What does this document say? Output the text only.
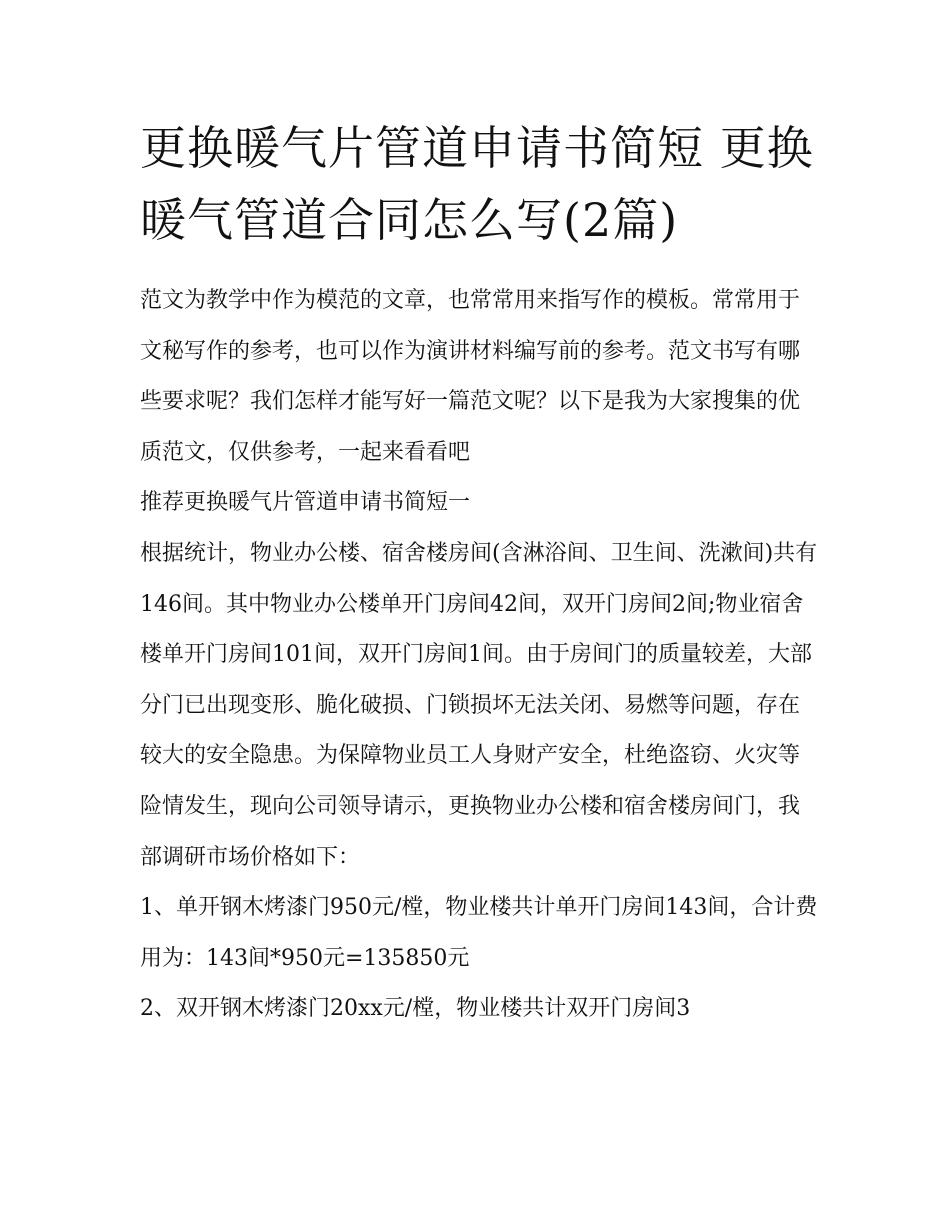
更换暖气片管道申请书简短 更换暖气管道合同怎么写(2篇)

范文为教学中作为模范的文章，也常常用来指写作的模板。常常用于文秘写作的参考，也可以作为演讲材料编写前的参考。范文书写有哪些要求呢？我们怎样才能写好一篇范文呢？以下是我为大家搜集的优质范文，仅供参考，一起来看看吧

推荐更换暖气片管道申请书简短一

根据统计，物业办公楼、宿舍楼房间(含淋浴间、卫生间、洗漱间)共有146间。其中物业办公楼单开门房间42间，双开门房间2间;物业宿舍楼单开门房间101间，双开门房间1间。由于房间门的质量较差，大部分门已出现变形、脆化破损、门锁损坏无法关闭、易燃等问题，存在较大的安全隐患。为保障物业员工人身财产安全，杜绝盗窃、火灾等险情发生，现向公司领导请示，更换物业办公楼和宿舍楼房间门，我部调研市场价格如下：

1、单开钢木烤漆门950元/樘，物业楼共计单开门房间143间，合计费用为：143间*950元=135850元

2、双开钢木烤漆门20xx元/樘，物业楼共计双开门房间3
